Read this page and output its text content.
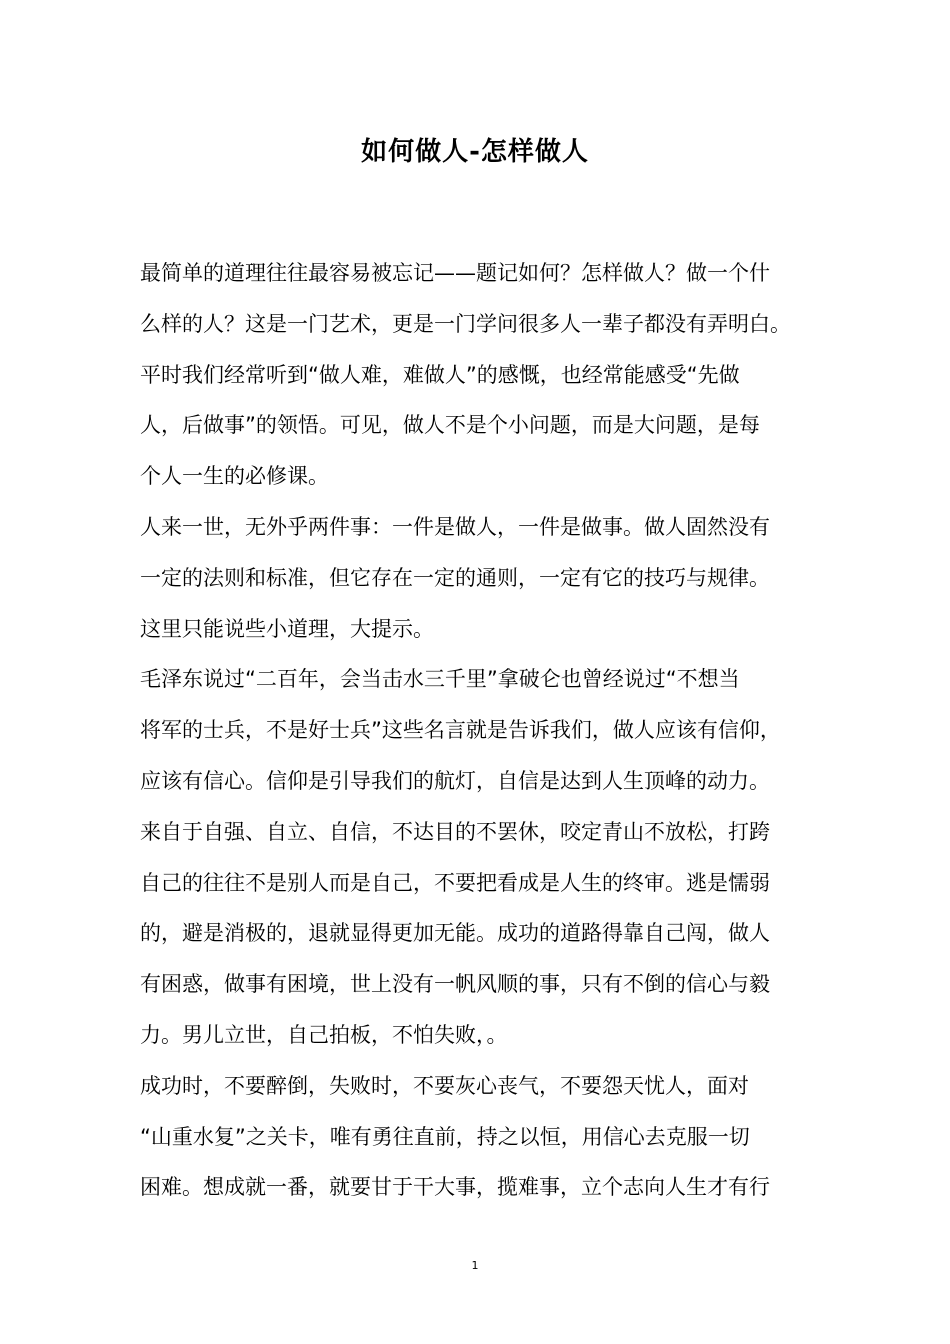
如何做人-怎样做人
最简单的道理往往最容易被忘记——题记如何？怎样做人？做一个什
么样的人？这是一门艺术，更是一门学问很多人一辈子都没有弄明白。
平时我们经常听到“做人难，难做人”的感慨，也经常能感受“先做
人，后做事”的领悟。可见，做人不是个小问题，而是大问题，是每
个人一生的必修课。
人来一世，无外乎两件事：一件是做人，一件是做事。做人固然没有
一定的法则和标准，但它存在一定的通则，一定有它的技巧与规律。
这里只能说些小道理，大提示。
毛泽东说过“二百年，会当击水三千里”拿破仑也曾经说过“不想当
将军的士兵，不是好士兵”这些名言就是告诉我们，做人应该有信仰，
应该有信心。信仰是引导我们的航灯，自信是达到人生顶峰的动力。
来自于自强、自立、自信，不达目的不罢休，咬定青山不放松，打跨
自己的往往不是别人而是自己，不要把看成是人生的终审。逃是懦弱
的，避是消极的，退就显得更加无能。成功的道路得靠自己闯，做人
有困惑，做事有困境，世上没有一帆风顺的事，只有不倒的信心与毅
力。男儿立世，自己拍板，不怕失败，。
成功时，不要醉倒，失败时，不要灰心丧气，不要怨天忧人，面对
“山重水复”之关卡，唯有勇往直前，持之以恒，用信心去克服一切
困难。想成就一番，就要甘于干大事，揽难事，立个志向人生才有行
1
